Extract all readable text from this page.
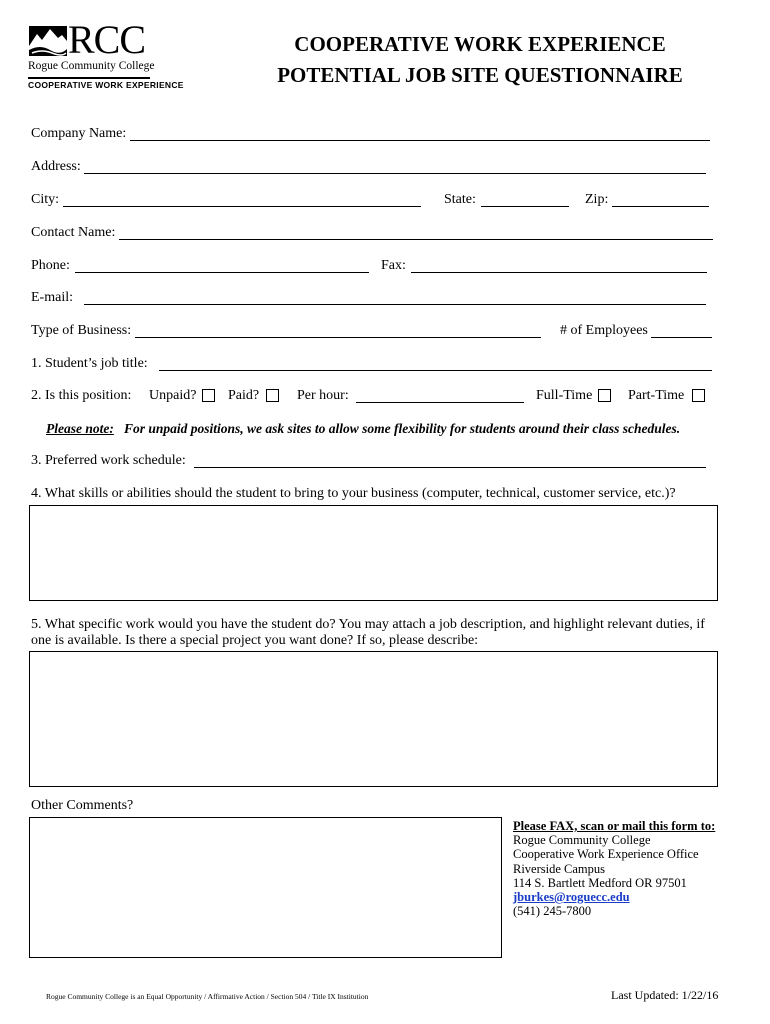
RCC
Rogue Community College
COOPERATIVE WORK EXPERIENCE
COOPERATIVE WORK EXPERIENCE
POTENTIAL JOB SITE QUESTIONNAIRE
Company Name:
Address:
City:	State:	Zip:
Contact Name:
Phone:	Fax:
E-mail:
Type of Business:	# of Employees
1. Student’s job title:
2. Is this position: Unpaid? Paid?	Per hour:	Full-Time	Part-Time
Please note: For unpaid positions, we ask sites to allow some flexibility for students around their class schedules.
3. Preferred work schedule:
4. What skills or abilities should the student to bring to your business (computer, technical, customer service, etc.)?
5. What specific work would you have the student do? You may attach a job description, and highlight relevant duties, if
one is available. Is there a special project you want done? If so, please describe:
Other Comments?
Please FAX, scan or mail this form to:
Rogue Community College
Cooperative Work Experience Office
Riverside Campus
114 S. Bartlett Medford OR 97501
jburkes@roguecc.edu
(541) 245-7800
Rogue Community College is an Equal Opportunity / Affirmative Action / Section 504 / Title IX Institution	Last Updated: 1/22/16
